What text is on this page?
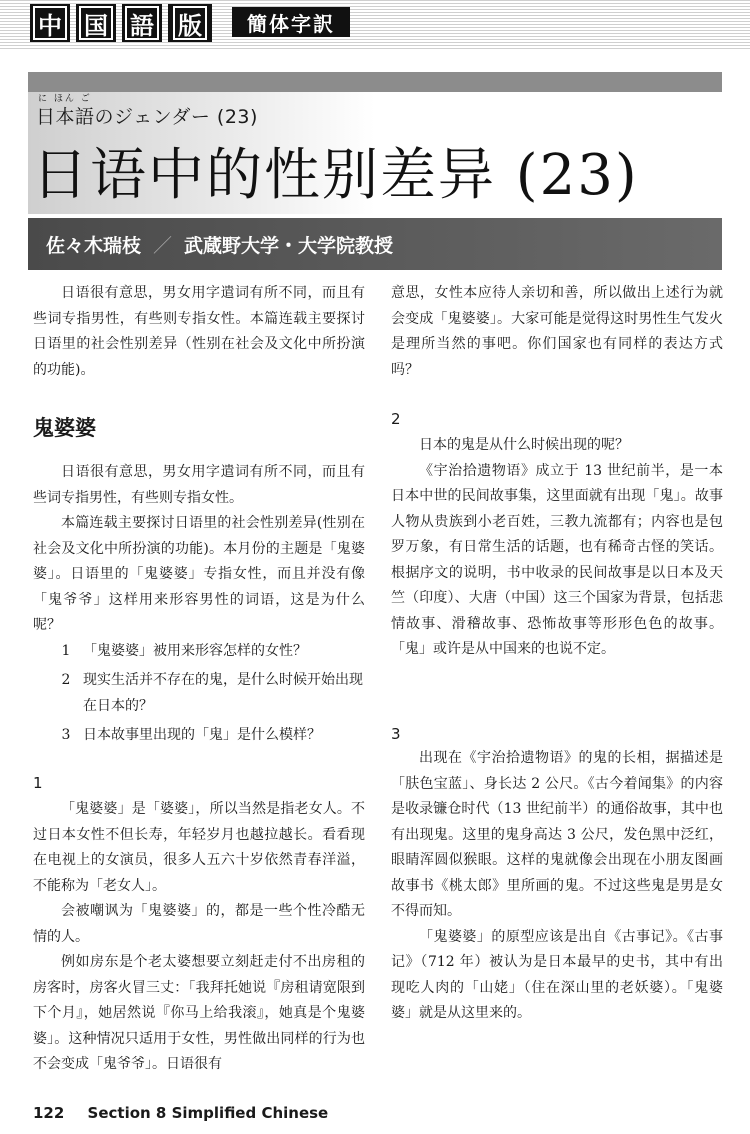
中 国 語 版	簡体字訳
に ほん ご
日本語のジェンダー (23)
日语中的性别差异 (23)
佐々木瑞枝 ／ 武蔵野大学・大学院教授

日语很有意思，男女用字遣词有所不同，而且有些词专指男性，有些则专指女性。本篇连载主要探讨日语里的社会性别差异（性别在社会及文化中所扮演的功能)。

意思，女性本应待人亲切和善，所以做出上述行为就会变成「鬼婆婆」。大家可能是觉得这时男性生气发火是理所当然的事吧。你们国家也有同样的表达方式吗？

鬼婆婆

日语很有意思，男女用字遣词有所不同，而且有些词专指男性，有些则专指女性。

本篇连载主要探讨日语里的社会性别差异(性别在社会及文化中所扮演的功能)。本月份的主题是「鬼婆婆」。日语里的「鬼婆婆」专指女性，而且并没有像「鬼爷爷」这样用来形容男性的词语，这是为什么呢？

1 「鬼婆婆」被用来形容怎样的女性？
2 现实生活并不存在的鬼，是什么时候开始出现在日本的？
3 日本故事里出现的「鬼」是什么模样？
1

「鬼婆婆」是「婆婆」，所以当然是指老女人。不过日本女性不但长寿，年轻岁月也越拉越长。看看现在电视上的女演员，很多人五六十岁依然青春洋溢，不能称为「老女人」。

会被嘲讽为「鬼婆婆」的，都是一些个性冷酷无情的人。

例如房东是个老太婆想要立刻赶走付不出房租的房客时，房客火冒三丈：「我拜托她说『房租请宽限到下个月』，她居然说『你马上给我滚』，她真是个鬼婆婆」。这种情况只适用于女性，男性做出同样的行为也不会变成「鬼爷爷」。日语很有

2

日本的鬼是从什么时候出现的呢？

《宇治拾遗物语》成立于 13 世纪前半，是一本日本中世的民间故事集，这里面就有出现「鬼」。故事人物从贵族到小老百姓，三教九流都有；内容也是包罗万象，有日常生活的话题，也有稀奇古怪的笑话。根据序文的说明，书中收录的民间故事是以日本及天竺（印度）、大唐（中国）这三个国家为背景，包括悲情故事、滑稽故事、恐怖故事等形形色色的故事。「鬼」或许是从中国来的也说不定。

3

出现在《宇治拾遗物语》的鬼的长相，据描述是「肤色宝蓝」、身长达 2 公尺。《古今着闻集》的内容是收录镰仓时代（13 世纪前半）的通俗故事，其中也有出现鬼。这里的鬼身高达 3 公尺，发色黑中泛红，眼睛浑圆似猴眼。这样的鬼就像会出现在小朋友图画故事书《桃太郎》里所画的鬼。不过这些鬼是男是女不得而知。

「鬼婆婆」的原型应该是出自《古事记》。《古事记》（712 年）被认为是日本最早的史书，其中有出现吃人肉的「山姥」（住在深山里的老妖婆）。「鬼婆婆」就是从这里来的。

122 Section 8 Simplified Chinese
